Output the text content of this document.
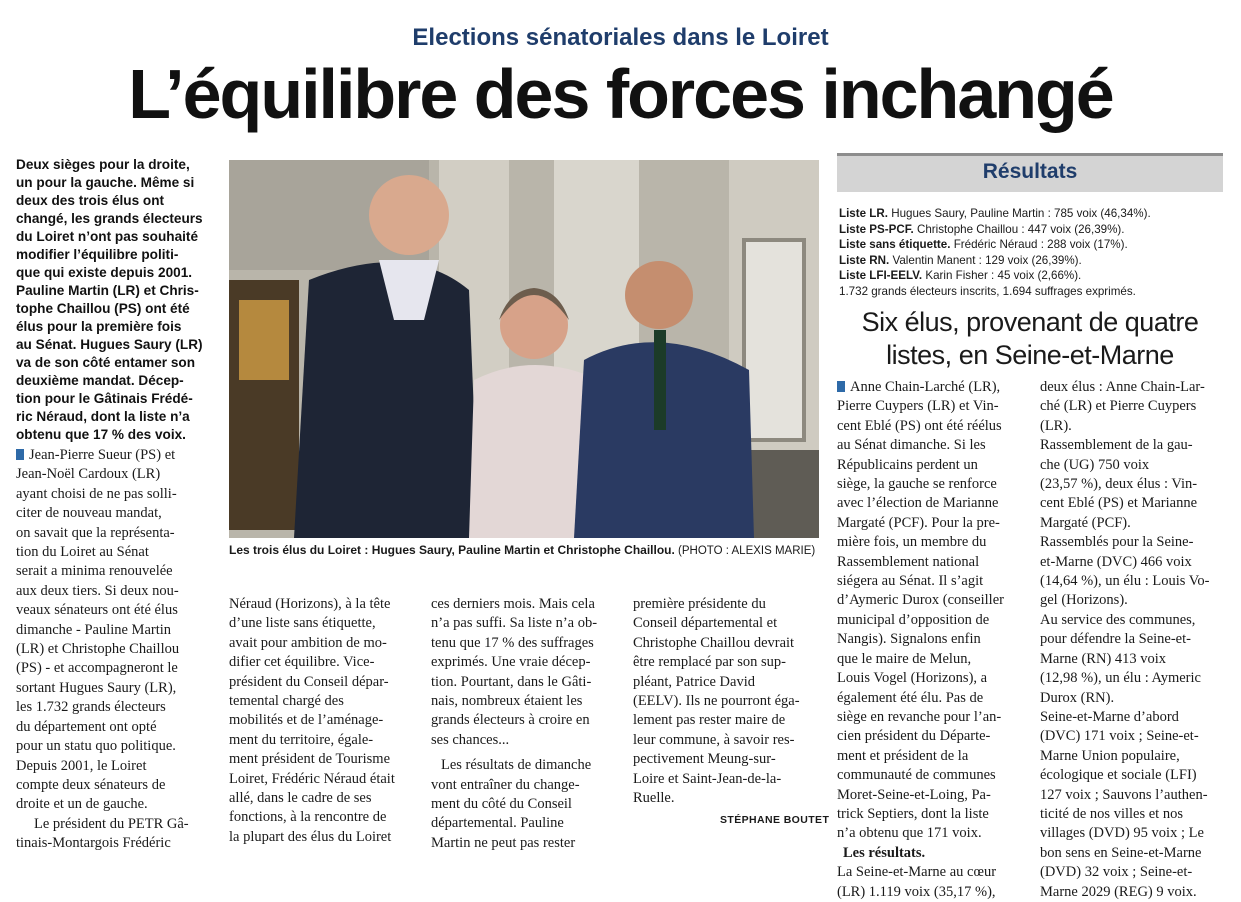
Elections sénatoriales dans le Loiret
L’équilibre des forces inchangé
Deux sièges pour la droite,
un pour la gauche. Même si
deux des trois élus ont
changé, les grands électeurs
du Loiret n’ont pas souhaité
modifier l’équilibre politi-
que qui existe depuis 2001.
Pauline Martin (LR) et Chris-
tophe Chaillou (PS) ont été
élus pour la première fois
au Sénat. Hugues Saury (LR)
va de son côté entamer son
deuxième mandat. Décep-
tion pour le Gâtinais Frédé-
ric Néraud, dont la liste n’a
obtenu que 17 % des voix.
Jean-Pierre Sueur (PS) et
Jean-Noël Cardoux (LR)
ayant choisi de ne pas solli-
citer de nouveau mandat,
on savait que la représenta-
tion du Loiret au Sénat
serait a minima renouvelée
aux deux tiers. Si deux nou-
veaux sénateurs ont été élus
dimanche - Pauline Martin
(LR) et Christophe Chaillou
(PS) - et accompagneront le
sortant Hugues Saury (LR),
les 1.732 grands électeurs
du département ont opté
pour un statu quo politique.
Depuis 2001, le Loiret
compte deux sénateurs de
droite et un de gauche.
Le président du PETR Gâ-
tinais-Montargois Frédéric
Les trois élus du Loiret : Hugues Saury, Pauline Martin et Christophe Chaillou. (PHOTO : ALEXIS MARIE)
Néraud (Horizons), à la tête
d’une liste sans étiquette,
avait pour ambition de mo-
difier cet équilibre. Vice-
président du Conseil dépar-
temental chargé des
mobilités et de l’aménage-
ment du territoire, égale-
ment président de Tourisme
Loiret, Frédéric Néraud était
allé, dans le cadre de ses
fonctions, à la rencontre de
la plupart des élus du Loiret
ces derniers mois. Mais cela
n’a pas suffi. Sa liste n’a ob-
tenu que 17 % des suffrages
exprimés. Une vraie décep-
tion. Pourtant, dans le Gâti-
nais, nombreux étaient les
grands électeurs à croire en
ses chances...
Les résultats de dimanche
vont entraîner du change-
ment du côté du Conseil
départemental. Pauline
Martin ne peut pas rester
première présidente du
Conseil départemental et
Christophe Chaillou devrait
être remplacé par son sup-
pléant, Patrice David
(EELV). Ils ne pourront éga-
lement pas rester maire de
leur commune, à savoir res-
pectivement Meung-sur-
Loire et Saint-Jean-de-la-
Ruelle.
STÉPHANE BOUTET
Résultats
Liste LR. Hugues Saury, Pauline Martin : 785 voix (46,34%).
Liste PS-PCF. Christophe Chaillou : 447 voix (26,39%).
Liste sans étiquette. Frédéric Néraud : 288 voix (17%).
Liste RN. Valentin Manent : 129 voix (26,39%).
Liste LFI-EELV. Karin Fisher : 45 voix (2,66%).
1.732 grands électeurs inscrits, 1.694 suffrages exprimés.
Six élus, provenant de quatre
listes, en Seine-et-Marne
Anne Chain-Larché (LR),
Pierre Cuypers (LR) et Vin-
cent Eblé (PS) ont été réélus
au Sénat dimanche. Si les
Républicains perdent un
siège, la gauche se renforce
avec l’élection de Marianne
Margaté (PCF). Pour la pre-
mière fois, un membre du
Rassemblement national
siégera au Sénat. Il s’agit
d’Aymeric Durox (conseiller
municipal d’opposition de
Nangis). Signalons enfin
que le maire de Melun,
Louis Vogel (Horizons), a
également été élu. Pas de
siège en revanche pour l’an-
cien président du Départe-
ment et président de la
communauté de communes
Moret-Seine-et-Loing, Pa-
trick Septiers, dont la liste
n’a obtenu que 171 voix.
Les résultats.
La Seine-et-Marne au cœur
(LR) 1.119 voix (35,17 %),
deux élus : Anne Chain-Lar-
ché (LR) et Pierre Cuypers
(LR).
Rassemblement de la gau-
che (UG) 750 voix
(23,57 %), deux élus : Vin-
cent Eblé (PS) et Marianne
Margaté (PCF).
Rassemblés pour la Seine-
et-Marne (DVC) 466 voix
(14,64 %), un élu : Louis Vo-
gel (Horizons).
Au service des communes,
pour défendre la Seine-et-
Marne (RN) 413 voix
(12,98 %), un élu : Aymeric
Durox (RN).
Seine-et-Marne d’abord
(DVC) 171 voix ; Seine-et-
Marne Union populaire,
écologique et sociale (LFI)
127 voix ; Sauvons l’authen-
ticité de nos villes et nos
villages (DVD) 95 voix ; Le
bon sens en Seine-et-Marne
(DVD) 32 voix ; Seine-et-
Marne 2029 (REG) 9 voix.
